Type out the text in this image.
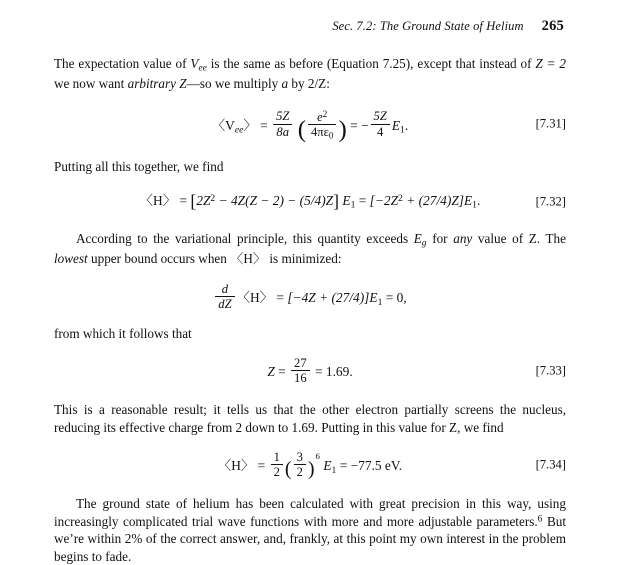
Sec. 7.2: The Ground State of Helium 265

The expectation value of $V_{ee}$ is the same as before (Equation 7.25), except that instead of Z = 2 we now want arbitrary Z—so we multiply a by 2/Z:

〈$V_{ee}$〉 = $\frac{5Z}{8a}$ ( $\frac{e^2}{4\pi\varepsilon_0}$ ) = − $\frac{5Z}{4} E_1$.	[7.31]

Putting all this together, we find

〈H〉 = $[2Z^2 - 4Z(Z - 2) - (5/4)Z] E_1 = [-2Z^2 + (27/4)Z]E_1$.	[7.32]

According to the variational principle, this quantity exceeds $E_g$ for any value of Z. The lowest upper bound occurs when 〈H〉 is minimized:

$\frac{d}{dZ}$ 〈H〉 = $[-4Z + (27/4)]E_1 = 0$,

from which it follows that

$Z = \frac{27}{16} = 1.69$.	[7.33]

This is a reasonable result; it tells us that the other electron partially screens the nucleus, reducing its effective charge from 2 down to 1.69. Putting in this value for Z, we find

〈H〉 = $\frac{1}{2}$ ( $\frac{3}{2} )^6$ $E_1 = -77.5$ eV.	[7.34]

The ground state of helium has been calculated with great precision in this way, using increasingly complicated trial wave functions with more and more adjustable parameters.$^6$ But we’re within 2% of the correct answer, and, frankly, at this point my own interest in the problem begins to fade.
